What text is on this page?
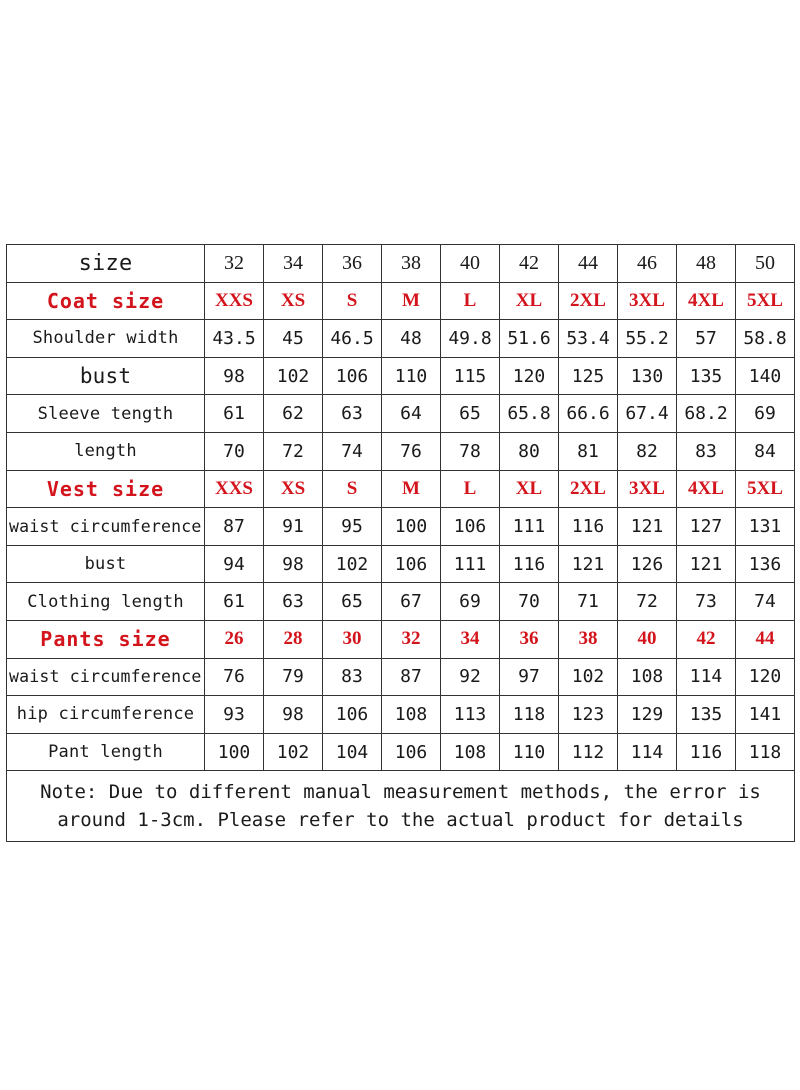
size	32	34	36	38	40	42	44	46	48	50
Coat size	XXS	XS	S	M	L	XL	2XL	3XL	4XL	5XL
Shoulder width	43.5	45	46.5	48	49.8	51.6	53.4	55.2	57	58.8
bust	98	102	106	110	115	120	125	130	135	140
Sleeve tength	61	62	63	64	65	65.8	66.6	67.4	68.2	69
length	70	72	74	76	78	80	81	82	83	84
Vest size	XXS	XS	S	M	L	XL	2XL	3XL	4XL	5XL
waist circumference	87	91	95	100	106	111	116	121	127	131
bust	94	98	102	106	111	116	121	126	121	136
Clothing length	61	63	65	67	69	70	71	72	73	74
Pants size	26	28	30	32	34	36	38	40	42	44
waist circumference	76	79	83	87	92	97	102	108	114	120
hip circumference	93	98	106	108	113	118	123	129	135	141
Pant length	100	102	104	106	108	110	112	114	116	118
Note: Due to different manual measurement methods, the error is around 1-3cm. Please refer to the actual product for details										
